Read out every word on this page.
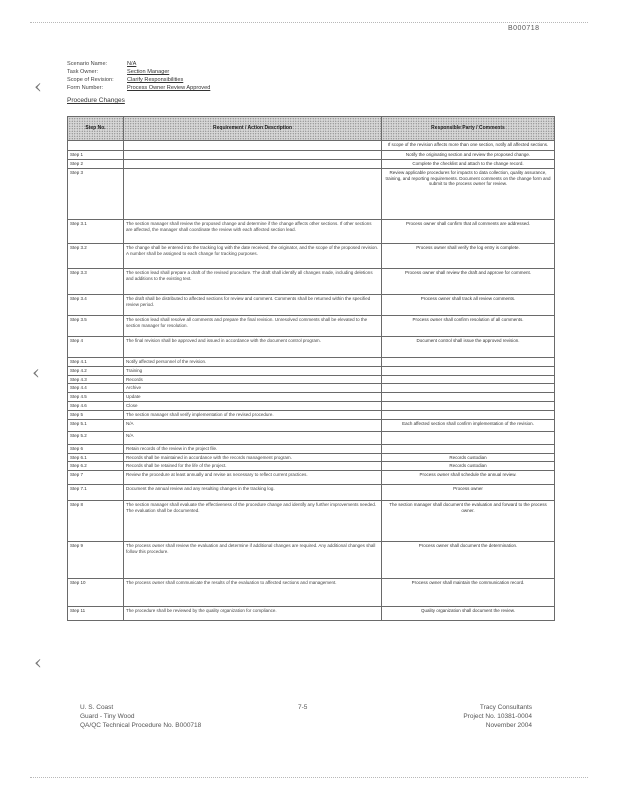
B000718
Scenario Name:	N/A
Task Owner:	Section Manager
Scope of Revision:	Clarify Responsibilities
Form Number:	Process Owner Review Approved
‹
‹
‹
Procedure Changes
Step No.	Requirement / Action Description	Responsible Party / Comments
		If scope of the revision affects more than one section, notify all affected sections.
Step 1		Notify the originating section and review the proposed change.
Step 2		Complete the checklist and attach to the change record.
Step 3		Review applicable procedures for impacts to data collection, quality assurance, training, and reporting requirements. Document comments on the change form and submit to the process owner for review.
Step 3.1	The section manager shall review the proposed change and determine if the change affects other sections. If other sections are affected, the manager shall coordinate the review with each affected section lead.	Process owner shall confirm that all comments are addressed.
Step 3.2	The change shall be entered into the tracking log with the date received, the originator, and the scope of the proposed revision. A number shall be assigned to each change for tracking purposes.	Process owner shall verify the log entry is complete.
Step 3.3	The section lead shall prepare a draft of the revised procedure. The draft shall identify all changes made, including deletions and additions to the existing text.	Process owner shall review the draft and approve for comment.
Step 3.4	The draft shall be distributed to affected sections for review and comment. Comments shall be returned within the specified review period.	Process owner shall track all review comments.
Step 3.5	The section lead shall resolve all comments and prepare the final revision. Unresolved comments shall be elevated to the section manager for resolution.	Process owner shall confirm resolution of all comments.
Step 4	The final revision shall be approved and issued in accordance with the document control program.	Document control shall issue the approved revision.
Step 4.1	Notify affected personnel of the revision.	
Step 4.2	Training	
Step 4.3	Records	
Step 4.4	Archive	
Step 4.5	Update	
Step 4.6	Close	
Step 5	The section manager shall verify implementation of the revised procedure.	
Step 5.1	N/A	Each affected section shall confirm implementation of the revision.
Step 5.2	N/A	
Step 6	Retain records of the review in the project file.	
Step 6.1	Records shall be maintained in accordance with the records management program.	Records custodian
Step 6.2	Records shall be retained for the life of the project.	Records custodian
Step 7	Review the procedure at least annually and revise as necessary to reflect current practices.	Process owner shall schedule the annual review.
Step 7.1	Document the annual review and any resulting changes in the tracking log.	Process owner
Step 8	The section manager shall evaluate the effectiveness of the procedure change and identify any further improvements needed. The evaluation shall be documented.	The section manager shall document the evaluation and forward to the process owner.
Step 9	The process owner shall review the evaluation and determine if additional changes are required. Any additional changes shall follow this procedure.	Process owner shall document the determination.
Step 10	The process owner shall communicate the results of the evaluation to affected sections and management.	Process owner shall maintain the communication record.
Step 11	The procedure shall be reviewed by the quality organization for compliance.	Quality organization shall document the review.
U. S. Coast
Guard - Tiny Wood
QA/QC Technical Procedure No. B000718
7-5	Tracy Consultants
Project No. 10381-0004
November 2004
